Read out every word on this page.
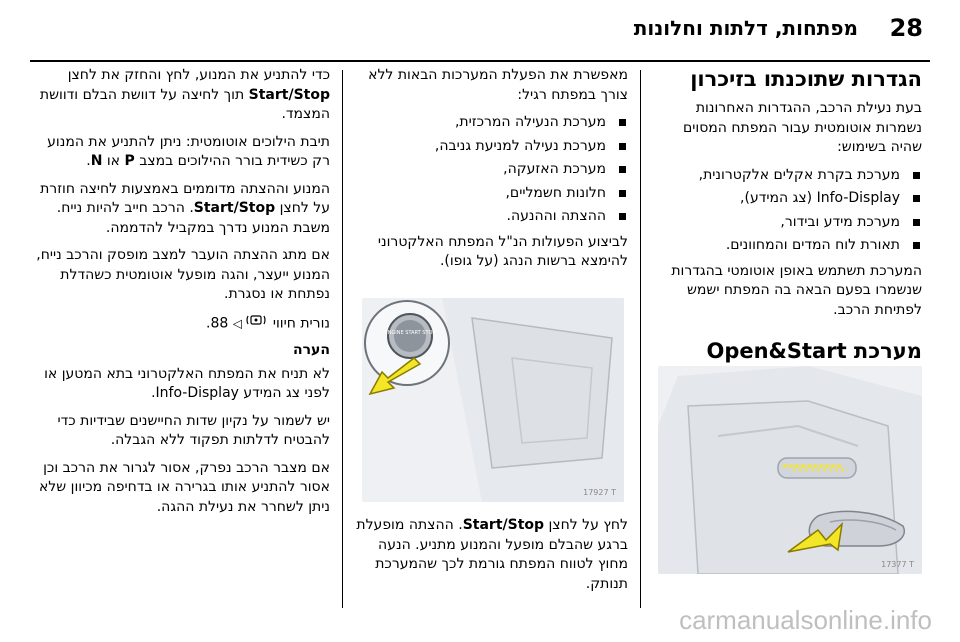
28
מפתחות, דלתות וחלונות
הגדרות שתוכנתו בזיכרון

בעת נעילת הרכב, ההגדרות האחרונות נשמרות אוטומטית עבור המפתח המסוים שהיה בשימוש:

מערכת בקרת אקלים אלקטרונית,
Info-Display (צג המידע),
מערכת מידע ובידור,
תאורת לוח המדים והמחוונים.

המערכת תשתמש באופן אוטומטי בהגדרות שנשמרו בפעם הבאה בה המפתח ישמש לפתיחת הרכב.

מערכת Open&Start
17377 T

מאפשרת את הפעלת המערכות הבאות ללא צורך במפתח רגיל:

מערכת הנעילה המרכזית,
מערכת נעילה למניעת גניבה,
מערכת האזעקה,
חלונות חשמליים,
ההצתה וההנעה.

לביצוע הפעולות הנ"ל המפתח האלקטרוני להימצא ברשות הנהג (על גופו).

ENGINE START STOP
17927 T

לחץ על לחצן Start/Stop. ההצתה מופעלת ברגע שהבלם מופעל והמנוע מתניע. הנעה מחוץ לטווח המפתח גורמת לכך שהמערכת תנותק.

כדי להתניע את המנוע, לחץ והחזק את לחצן Start/Stop תוך לחיצה על דוושת הבלם ודוושת המצמד.

תיבת הילוכים אוטומטית: ניתן להתניע את המנוע רק כשידית בורר ההילוכים במצב P או N.

המנוע וההצתה מדוממים באמצעות לחיצה חוזרת על לחצן Start/Stop. הרכב חייב להיות נייח. משבת המנוע נדרך במקביל להדממה.

אם מתג ההצתה הועבר למצב מופסק והרכב נייח, המנוע ייעצר, והגה מופעל אוטומטית כשהדלת נפתחת או נסגרת.

נורית חיווי  ◁ 88.

הערה

לא תניח את המפתח האלקטרוני בתא המטען או לפני צג המידע Info-Display.

יש לשמור על נקיון שדות החיישנים שבידיות כדי להבטיח לדלתות תפקוד ללא הגבלה.

אם מצבר הרכב נפרק, אסור לגרור את הרכב וכן אסור להתניע אותו בגרירה או בדחיפה מכיוון שלא ניתן לשחרר את נעילת ההגה.

carmanualsonline.info
